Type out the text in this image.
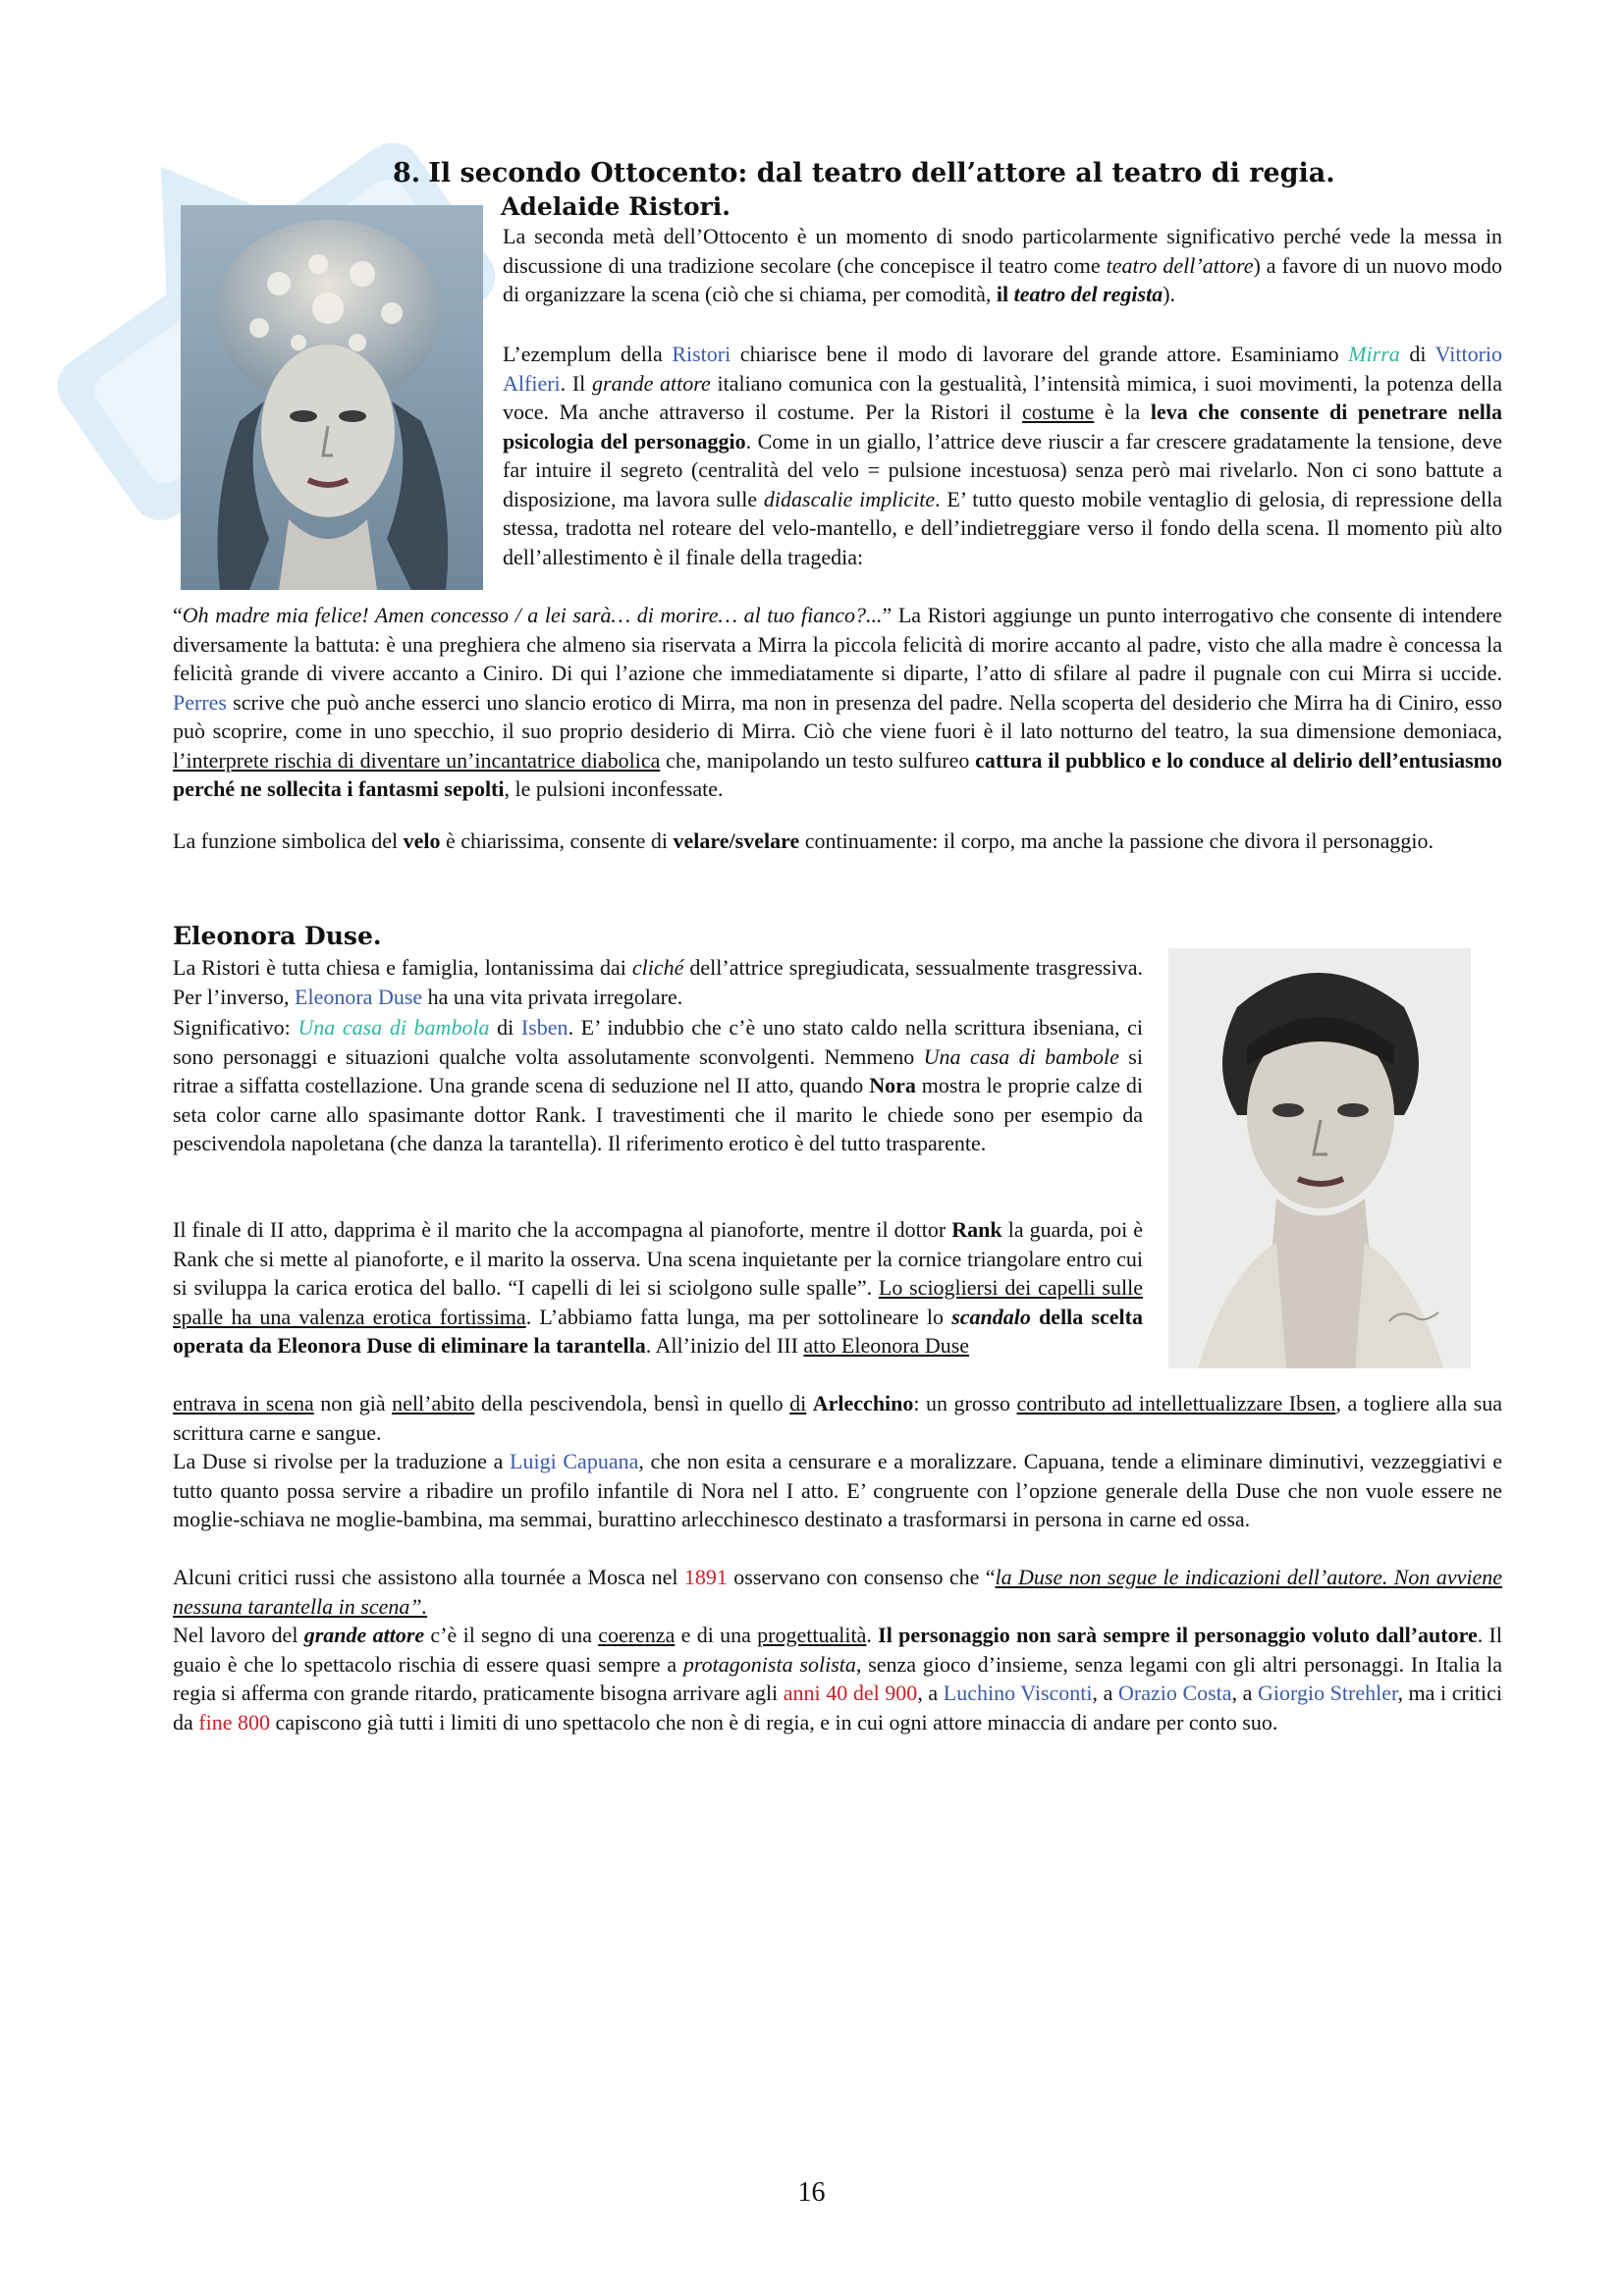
8. Il secondo Ottocento: dal teatro dell’attore al teatro di regia.
Adelaide Ristori.

La seconda metà dell’Ottocento è un momento di snodo particolarmente significativo perché vede la messa in discussione di una tradizione secolare (che concepisce il teatro come teatro dell’attore) a favore di un nuovo modo di organizzare la scena (ciò che si chiama, per comodità, il teatro del regista).

L’ezemplum della Ristori chiarisce bene il modo di lavorare del grande attore. Esaminiamo Mirra di Vittorio Alfieri. Il grande attore italiano comunica con la gestualità, l’intensità mimica, i suoi movimenti, la potenza della voce. Ma anche attraverso il costume. Per la Ristori il costume è la leva che consente di penetrare nella psicologia del personaggio. Come in un giallo, l’attrice deve riuscir a far crescere gradatamente la tensione, deve far intuire il segreto (centralità del velo = pulsione incestuosa) senza però mai rivelarlo. Non ci sono battute a disposizione, ma lavora sulle didascalie implicite. E’ tutto questo mobile ventaglio di gelosia, di repressione della stessa, tradotta nel roteare del velo-mantello, e dell’indietreggiare verso il fondo della scena. Il momento più alto dell’allestimento è il finale della tragedia:

“Oh madre mia felice! Amen concesso / a lei sarà… di morire… al tuo fianco?...” La Ristori aggiunge un punto interrogativo che consente di intendere diversamente la battuta: è una preghiera che almeno sia riservata a Mirra la piccola felicità di morire accanto al padre, visto che alla madre è concessa la felicità grande di vivere accanto a Ciniro. Di qui l’azione che immediatamente si diparte, l’atto di sfilare al padre il pugnale con cui Mirra si uccide. Perres scrive che può anche esserci uno slancio erotico di Mirra, ma non in presenza del padre. Nella scoperta del desiderio che Mirra ha di Ciniro, esso può scoprire, come in uno specchio, il suo proprio desiderio di Mirra. Ciò che viene fuori è il lato notturno del teatro, la sua dimensione demoniaca, l’interprete rischia di diventare un’incantatrice diabolica che, manipolando un testo sulfureo cattura il pubblico e lo conduce al delirio dell’entusiasmo perché ne sollecita i fantasmi sepolti, le pulsioni inconfessate.

La funzione simbolica del velo è chiarissima, consente di velare/svelare continuamente: il corpo, ma anche la passione che divora il personaggio.

Eleonora Duse.

La Ristori è tutta chiesa e famiglia, lontanissima dai cliché dell’attrice spregiudicata, sessualmente trasgressiva. Per l’inverso, Eleonora Duse ha una vita privata irregolare.

Significativo: Una casa di bambola di Isben. E’ indubbio che c’è uno stato caldo nella scrittura ibseniana, ci sono personaggi e situazioni qualche volta assolutamente sconvolgenti. Nemmeno Una casa di bambole si ritrae a siffatta costellazione. Una grande scena di seduzione nel II atto, quando Nora mostra le proprie calze di seta color carne allo spasimante dottor Rank. I travestimenti che il marito le chiede sono per esempio da pescivendola napoletana (che danza la tarantella). Il riferimento erotico è del tutto trasparente.

Il finale di II atto, dapprima è il marito che la accompagna al pianoforte, mentre il dottor Rank la guarda, poi è Rank che si mette al pianoforte, e il marito la osserva. Una scena inquietante per la cornice triangolare entro cui si sviluppa la carica erotica del ballo. “I capelli di lei si sciolgono sulle spalle”. Lo sciogliersi dei capelli sulle spalle ha una valenza erotica fortissima. L’abbiamo fatta lunga, ma per sottolineare lo scandalo della scelta operata da Eleonora Duse di eliminare la tarantella. All’inizio del III atto Eleonora Duse

entrava in scena non già nell’abito della pescivendola, bensì in quello di Arlecchino: un grosso contributo ad intellettualizzare Ibsen, a togliere alla sua scrittura carne e sangue.

La Duse si rivolse per la traduzione a Luigi Capuana, che non esita a censurare e a moralizzare. Capuana, tende a eliminare diminutivi, vezzeggiativi e tutto quanto possa servire a ribadire un profilo infantile di Nora nel I atto. E’ congruente con l’opzione generale della Duse che non vuole essere ne moglie-schiava ne moglie-bambina, ma semmai, burattino arlecchinesco destinato a trasformarsi in persona in carne ed ossa.

Alcuni critici russi che assistono alla tournée a Mosca nel 1891 osservano con consenso che “la Duse non segue le indicazioni dell’autore. Non avviene nessuna tarantella in scena”.

Nel lavoro del grande attore c’è il segno di una coerenza e di una progettualità. Il personaggio non sarà sempre il personaggio voluto dall’autore. Il guaio è che lo spettacolo rischia di essere quasi sempre a protagonista solista, senza gioco d’insieme, senza legami con gli altri personaggi. In Italia la regia si afferma con grande ritardo, praticamente bisogna arrivare agli anni 40 del 900, a Luchino Visconti, a Orazio Costa, a Giorgio Strehler, ma i critici da fine 800 capiscono già tutti i limiti di uno spettacolo che non è di regia, e in cui ogni attore minaccia di andare per conto suo.

16
